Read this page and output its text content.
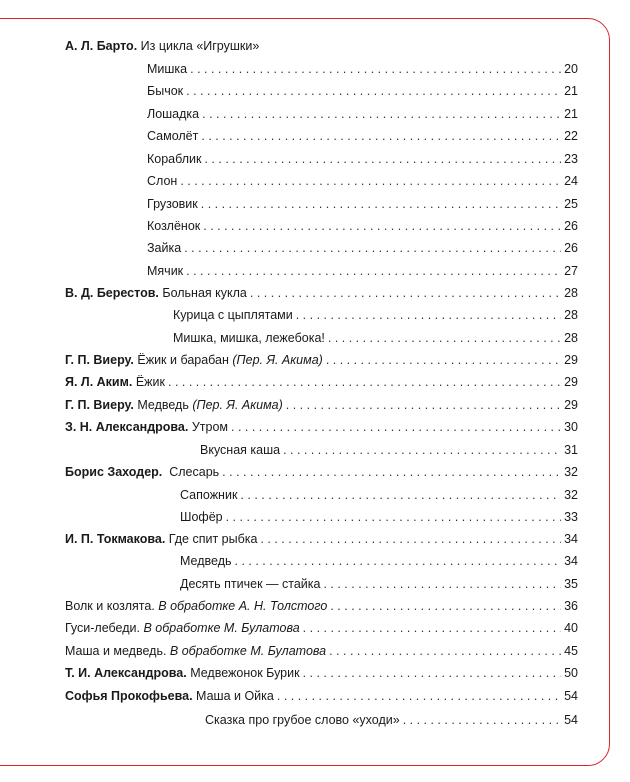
А. Л. Барто. Из цикла «Игрушки»
Мишка . . .	20
Бычок . . .	21
Лошадка . . .	21
Самолёт . . .	22
Кораблик . . .	23
Слон . . .	24
Грузовик . . .	25
Козлёнок . . .	26
Зайка . . .	26
Мячик . . .	27
В. Д. Берестов. Больная кукла . . .	28
Курица с цыплятами . . .	28
Мишка, мишка, лежебока! . . .	28
Г. П. Виеру. Ёжик и барабан (Пер. Я. Акима) . . .	29
Я. Л. Аким. Ёжик . . .	29
Г. П. Виеру. Медведь (Пер. Я. Акима) . . .	29
З. Н. Александрова. Утром . . .	30
Вкусная каша . . .	31
Борис Заходер. Слесарь . . .	32
Сапожник . . .	32
Шофёр . . .	33
И. П. Токмакова. Где спит рыбка . . .	34
Медведь . . .	34
Десять птичек — стайка . . .	35
Волк и козлята. В обработке А. Н. Толстого . . .	36
Гуси-лебеди. В обработке М. Булатова . . .	40
Маша и медведь. В обработке М. Булатова . . .	45
Т. И. Александрова. Медвежонок Бурик . . .	50
Софья Прокофьева. Маша и Ойка . . .	54
Сказка про грубое слово «уходи» . . .	54
